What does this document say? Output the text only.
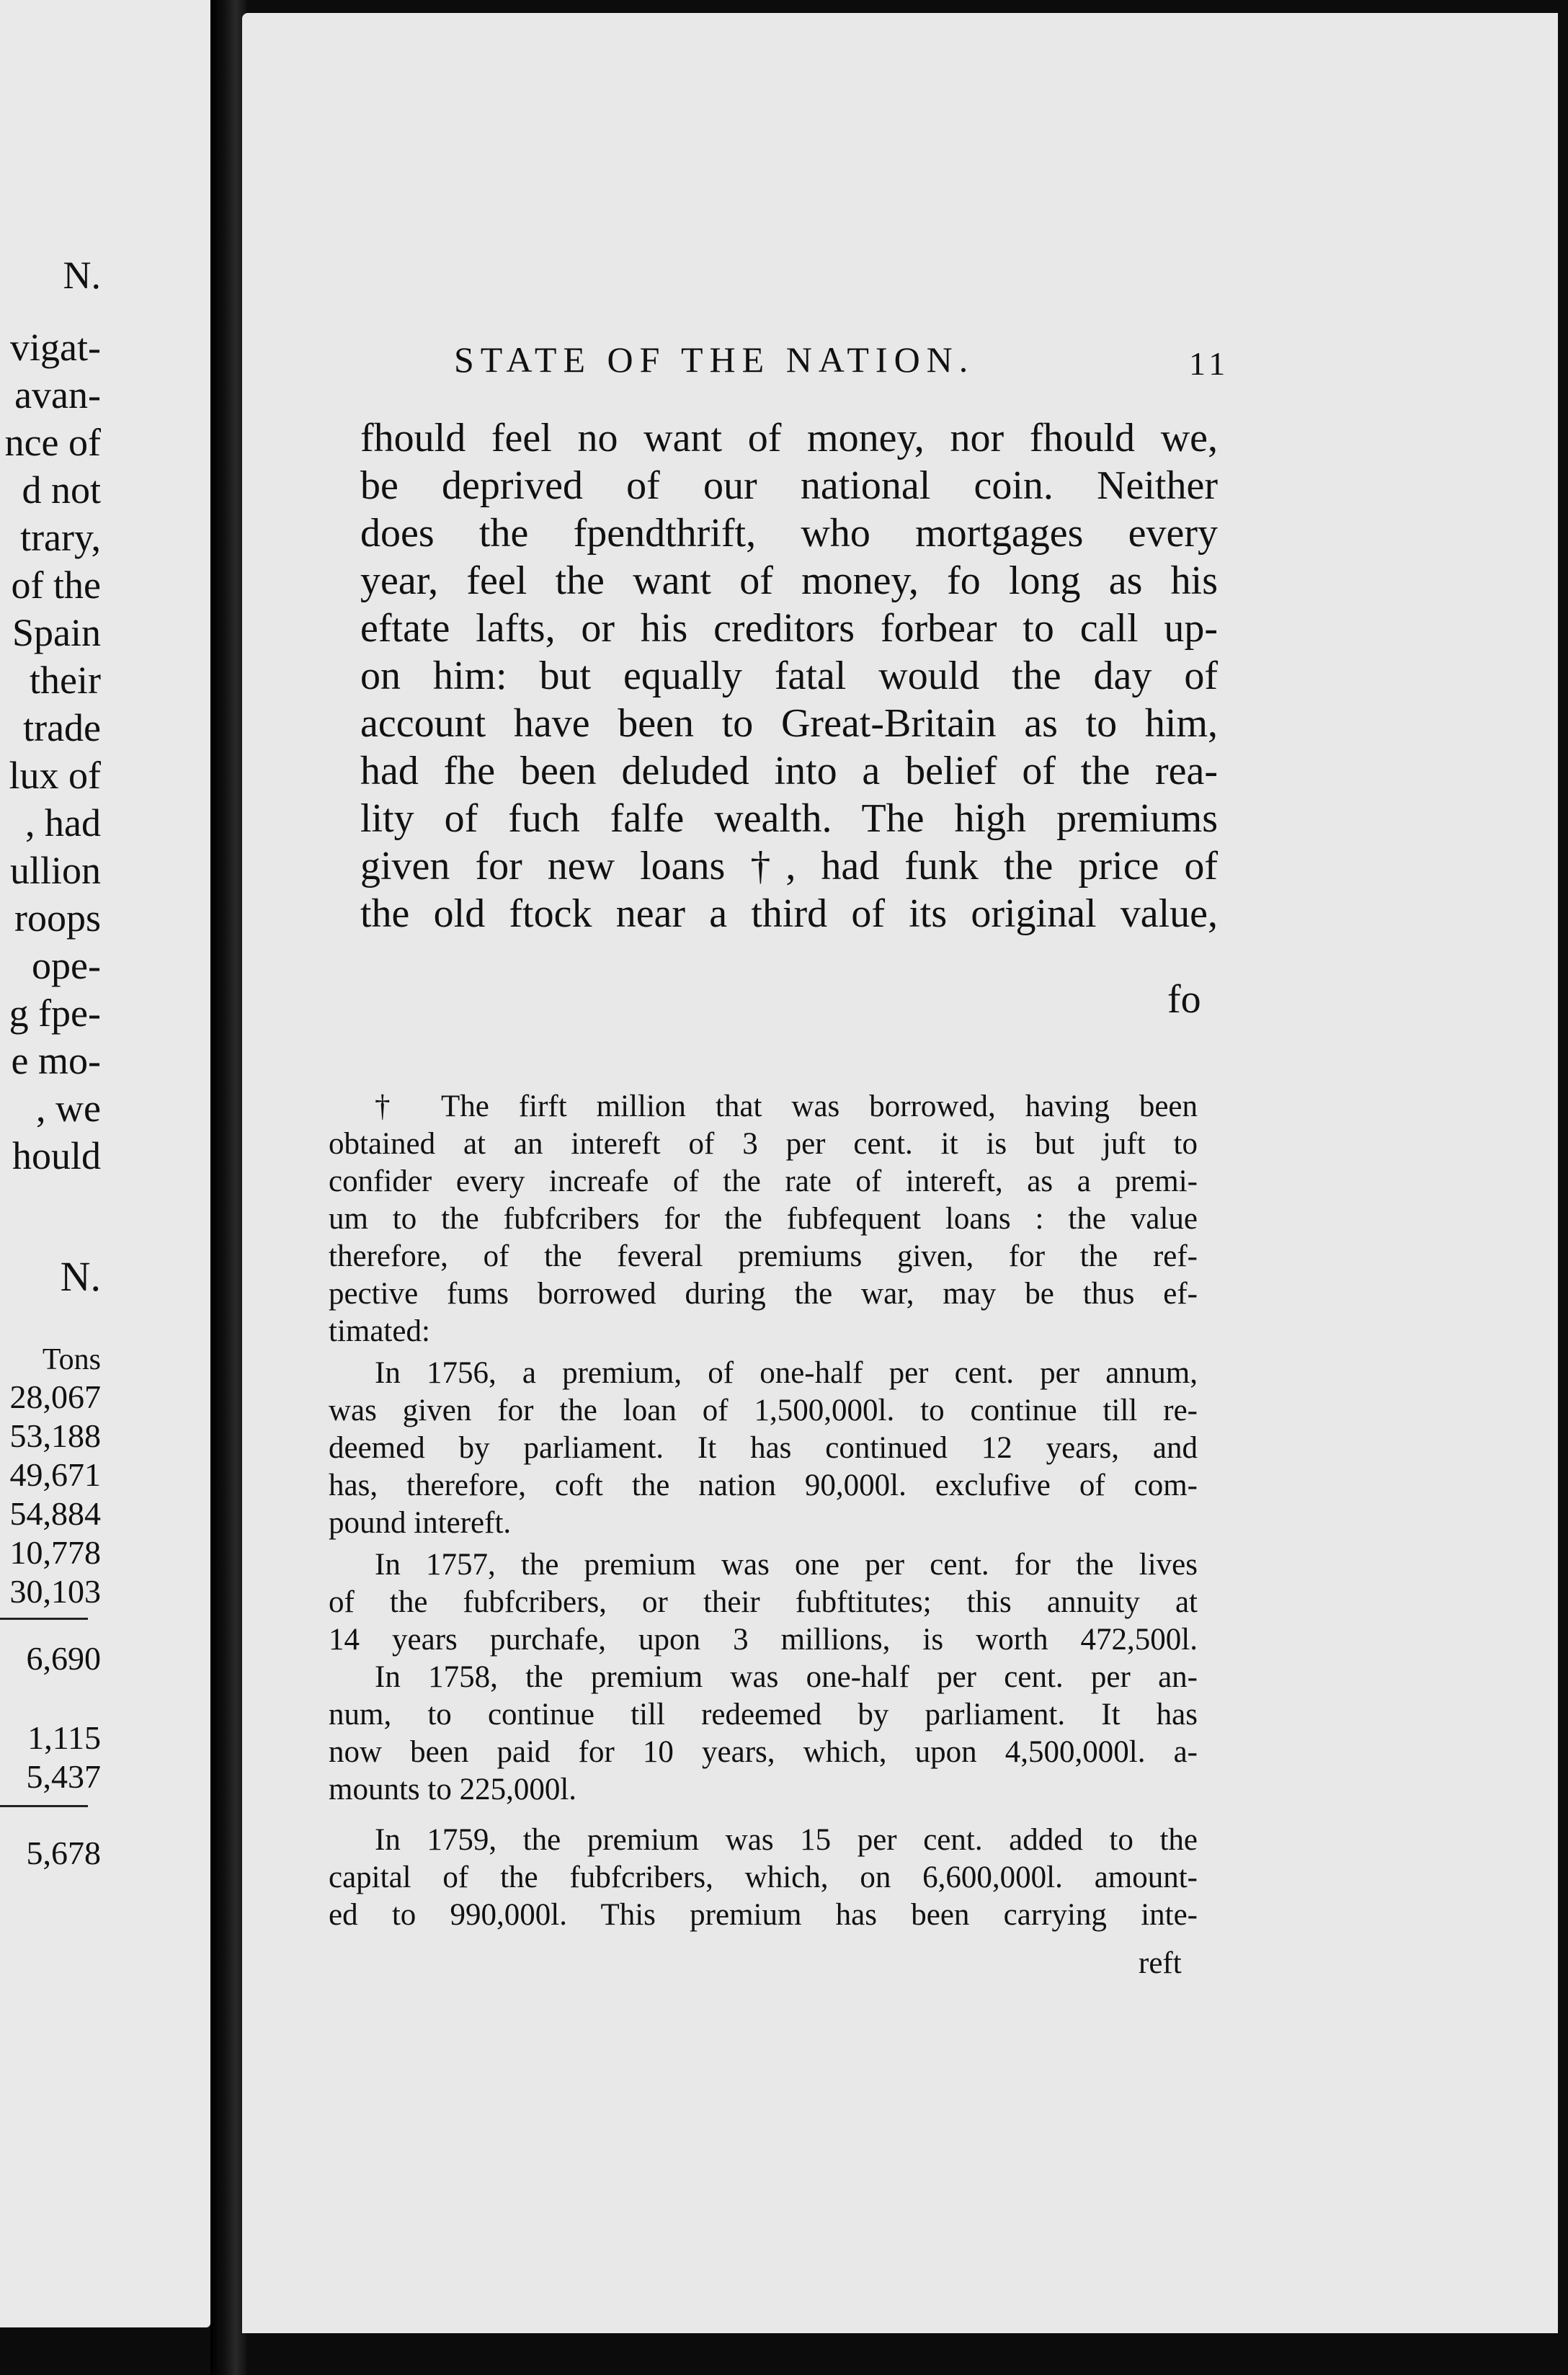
N.
vigat-
avan-
nce of
d not
trary,
of the
Spain
their
trade
lux of
, had
ullion
roops
ope-
g fpe-
e mo-
, we
hould
N.
Tons
28,067
53,188
49,671
54,884
10,778
30,103
6,690
1,115
5,437
5,678
STATE OF THE NATION.	11
fhould feel no want of money, nor fhould we,
be deprived of our national coin. Neither
does the fpendthrift, who mortgages every
year, feel the want of money, fo long as his
eftate lafts, or his creditors forbear to call up-
on him: but equally fatal would the day of
account have been to Great-Britain as to him,
had fhe been deluded into a belief of the rea-
lity of fuch falfe wealth. The high premiums
given for new loans †, had funk the price of
the old ftock near a third of its original value,
fo
† The firft million that was borrowed, having been
obtained at an intereft of 3 per cent. it is but juft to
confider every increafe of the rate of intereft, as a premi-
um to the fubfcribers for the fubfequent loans : the value
therefore, of the feveral premiums given, for the ref-
pective fums borrowed during the war, may be thus ef-
timated:
In 1756, a premium, of one-half per cent. per annum,
was given for the loan of 1,500,000l. to continue till re-
deemed by parliament. It has continued 12 years, and
has, therefore, coft the nation 90,000l. exclufive of com-
pound intereft.
In 1757, the premium was one per cent. for the lives
of the fubfcribers, or their fubftitutes; this annuity at
14 years purchafe, upon 3 millions, is worth 472,500l.
In 1758, the premium was one-half per cent. per an-
num, to continue till redeemed by parliament. It has
now been paid for 10 years, which, upon 4,500,000l. a-
mounts to 225,000l.
In 1759, the premium was 15 per cent. added to the
capital of the fubfcribers, which, on 6,600,000l. amount-
ed to 990,000l. This premium has been carrying inte-
reft
